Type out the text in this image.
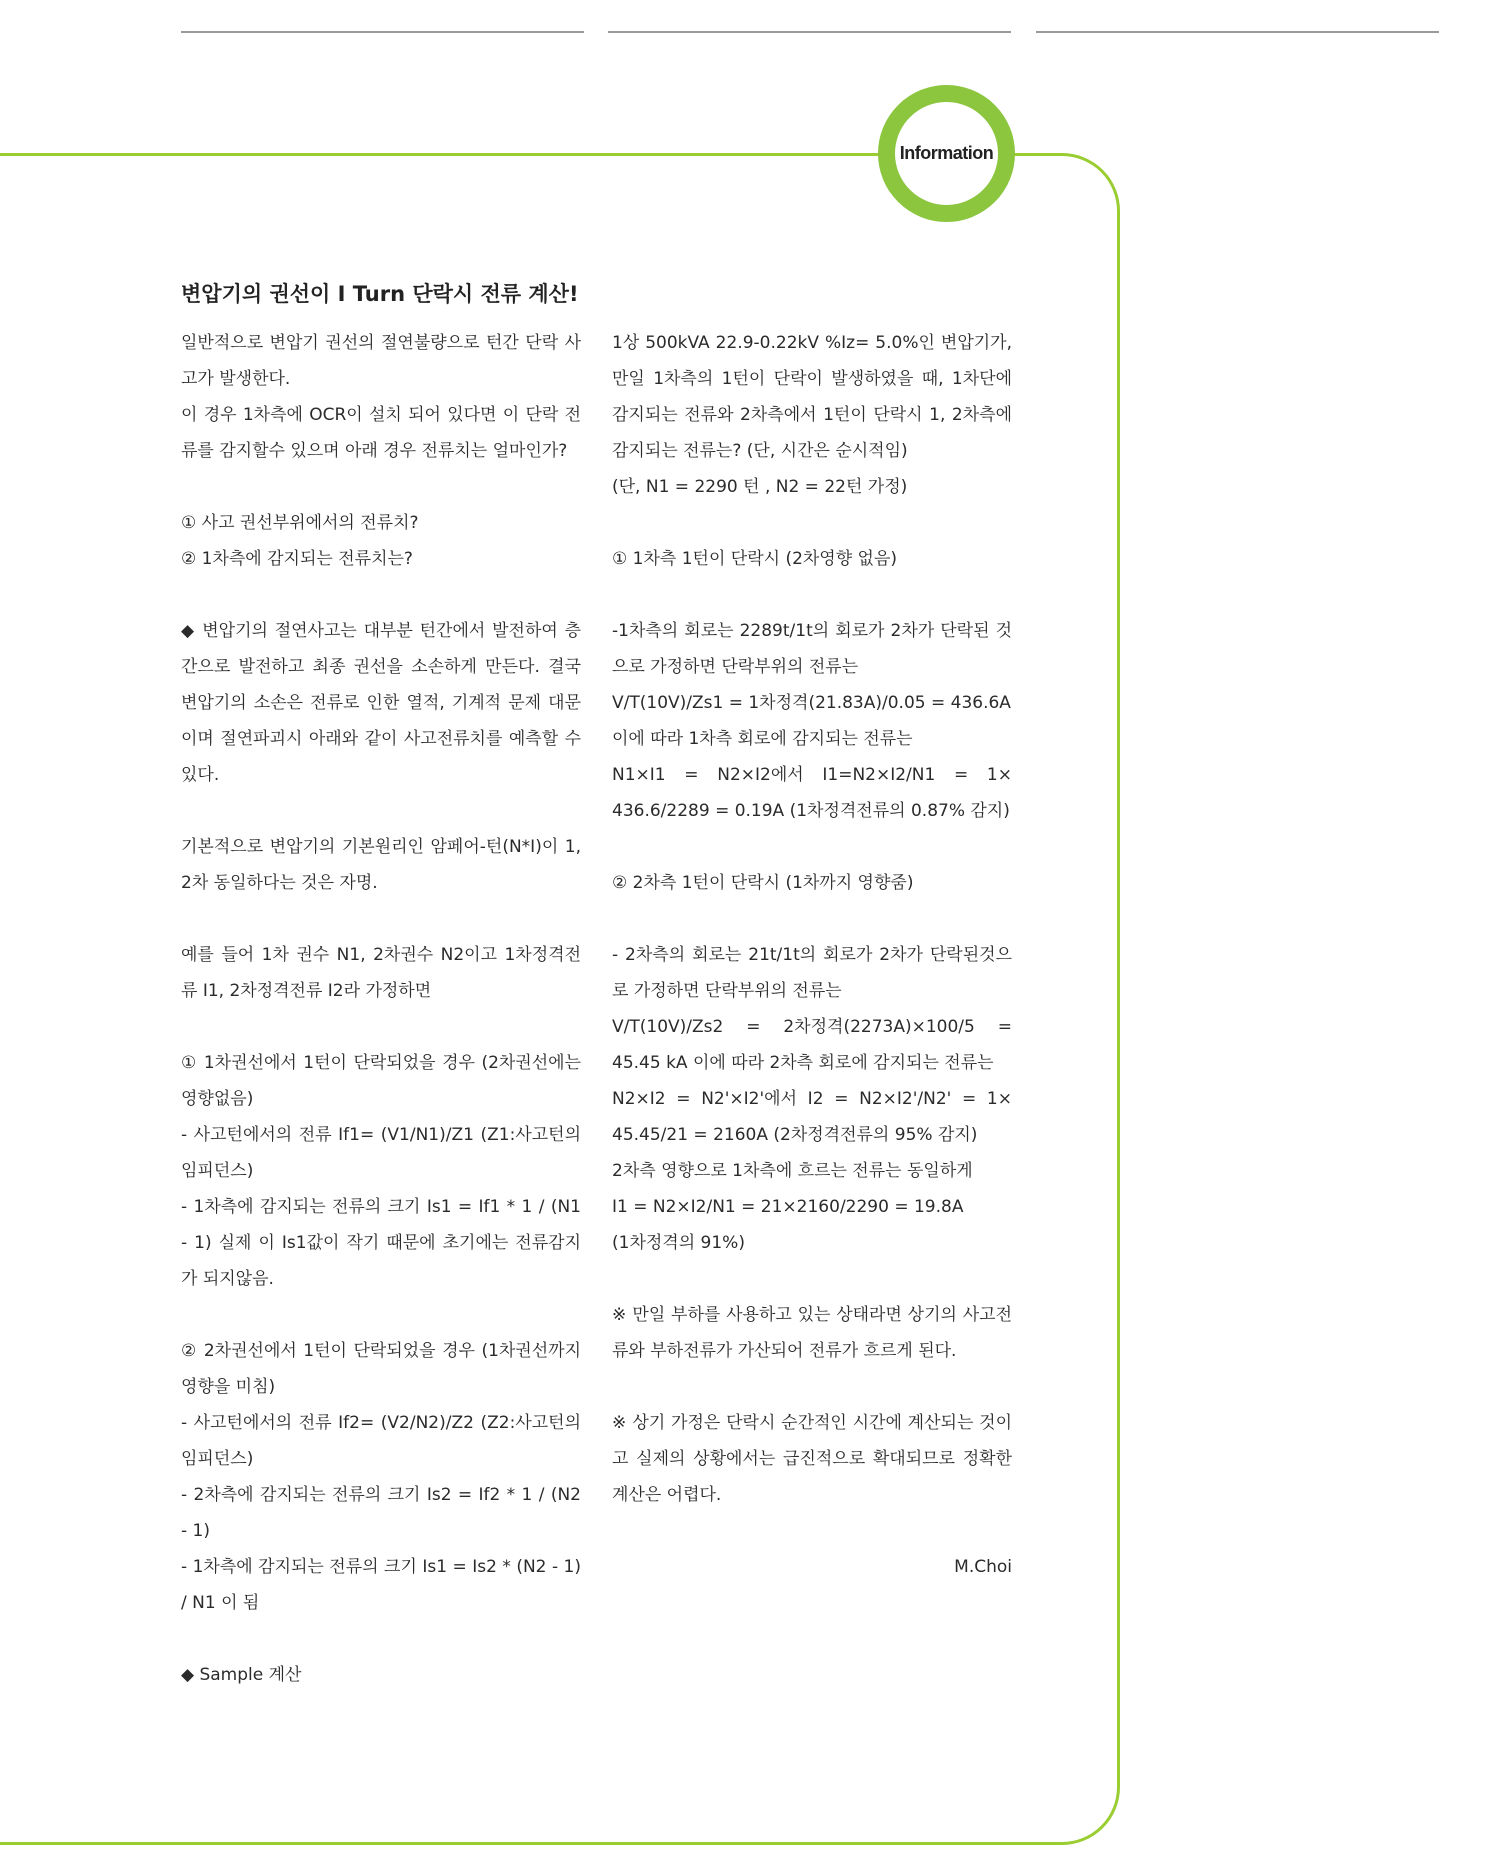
Information
변압기의 권선이 I Turn 단락시 전류 계산!

일반적으로 변압기 권선의 절연불량으로 턴간 단락 사고가 발생한다.

이 경우 1차측에 OCR이 설치 되어 있다면 이 단락 전류를 감지할수 있으며 아래 경우 전류치는 얼마인가?

① 사고 권선부위에서의 전류치?
② 1차측에 감지되는 전류치는?

◆ 변압기의 절연사고는 대부분 턴간에서 발전하여 층간으로 발전하고 최종 권선을 소손하게 만든다. 결국 변압기의 소손은 전류로 인한 열적, 기계적 문제 대문이며 절연파괴시 아래와 같이 사고전류치를 예측할 수 있다.

기본적으로 변압기의 기본원리인 암페어-턴(N*I)이 1, 2차 동일하다는 것은 자명.

예를 들어 1차 권수 N1, 2차권수 N2이고 1차정격전류 I1, 2차정격전류 I2라 가정하면

① 1차권선에서 1턴이 단락되었을 경우 (2차권선에는 영향없음)
- 사고턴에서의 전류 If1= (V1/N1)/Z1 (Z1:사고턴의 임피던스)
- 1차측에 감지되는 전류의 크기 Is1 = If1 * 1 / (N1 - 1) 실제 이 Is1값이 작기 때문에 초기에는 전류감지가 되지않음.
② 2차권선에서 1턴이 단락되었을 경우 (1차권선까지 영향을 미침)
- 사고턴에서의 전류 If2= (V2/N2)/Z2 (Z2:사고턴의 임피던스)
- 2차측에 감지되는 전류의 크기 Is2 = If2 * 1 / (N2 - 1)
- 1차측에 감지되는 전류의 크기 Is1 = Is2 * (N2 - 1) / N1 이 됨

◆ Sample 계산

1상 500kVA 22.9-0.22kV %Iz= 5.0%인 변압기가, 만일 1차측의 1턴이 단락이 발생하였을 때, 1차단에 감지되는 전류와 2차측에서 1턴이 단락시 1, 2차측에 감지되는 전류는? (단, 시간은 순시적임)
(단, N1 = 2290 턴 , N2 = 22턴 가정)

① 1차측 1턴이 단락시 (2차영향 없음)

-1차측의 회로는 2289t/1t의 회로가 2차가 단락된 것으로 가정하면 단락부위의 전류는
V/T(10V)/Zs1 = 1차정격(21.83A)/0.05 = 436.6A
이에 따라 1차측 회로에 감지되는 전류는
N1×I1 = N2×I2에서 I1=N2×I2/N1 = 1× 436.6/2289 = 0.19A (1차정격전류의 0.87% 감지)

② 2차측 1턴이 단락시 (1차까지 영향줌)

- 2차측의 회로는 21t/1t의 회로가 2차가 단락된것으로 가정하면 단락부위의 전류는
V/T(10V)/Zs2 = 2차정격(2273A)×100/5 = 45.45 kA 이에 따라 2차측 회로에 감지되는 전류는
N2×I2 = N2'×I2'에서 I2 = N2×I2'/N2' = 1× 45.45/21 = 2160A (2차정격전류의 95% 감지)
2차측 영향으로 1차측에 흐르는 전류는 동일하게
I1 = N2×I2/N1 = 21×2160/2290 = 19.8A
(1차정격의 91%)

※ 만일 부하를 사용하고 있는 상태라면 상기의 사고전류와 부하전류가 가산되어 전류가 흐르게 된다.

※ 상기 가정은 단락시 순간적인 시간에 계산되는 것이고 실제의 상황에서는 급진적으로 확대되므로 정확한 계산은 어렵다.

M.Choi
